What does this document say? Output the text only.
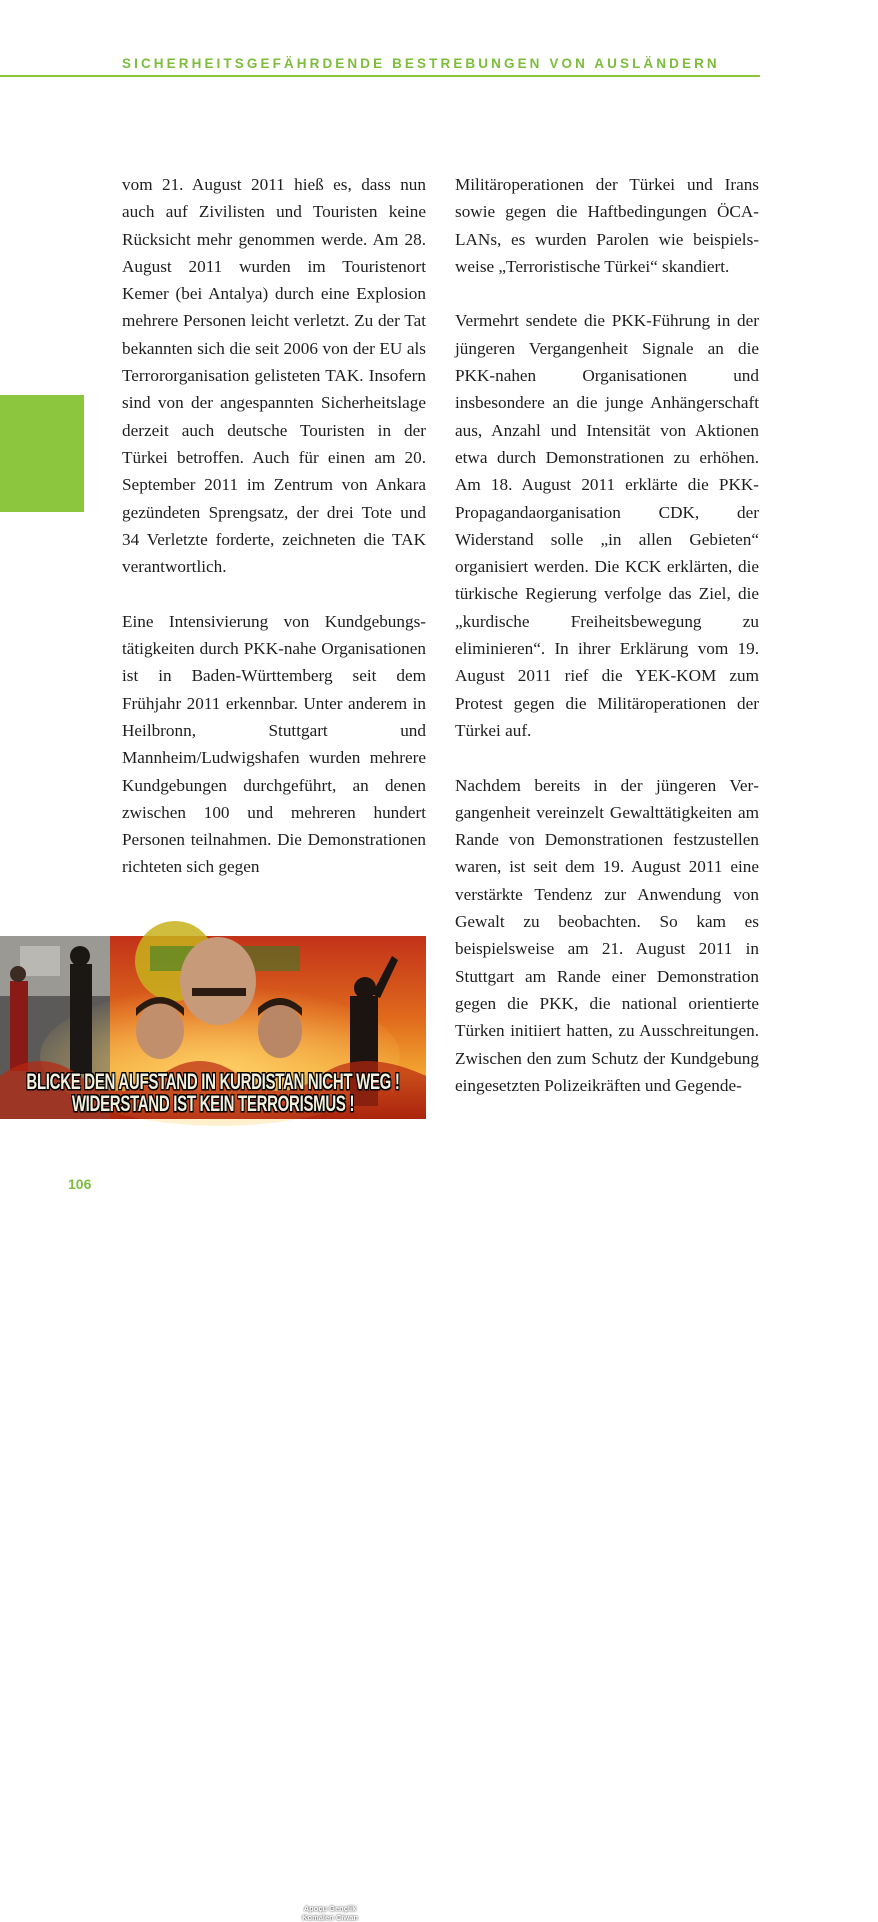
SICHERHEITSGEFÄHRDENDE BESTREBUNGEN VON AUSLÄNDERN

vom 21. August 2011 hieß es, dass nun auch auf Zivilisten und Touristen keine Rücksicht mehr genommen werde. Am 28. August 2011 wurden im Touristenort Kemer (bei Antalya) durch eine Explosion mehrere Personen leicht verletzt. Zu der Tat bekannten sich die seit 2006 von der EU als Terrororganisation gelisteten TAK. Insofern sind von der angespannten Sicherheitslage derzeit auch deutsche Touristen in der Türkei betroffen. Auch für einen am 20. September 2011 im Zentrum von Ankara gezündeten Sprengsatz, der drei Tote und 34 Verletzte forderte, zeichneten die TAK verantwortlich.

Eine Intensivierung von Kundgebungstätigkeiten durch PKK-nahe Organisationen ist in Baden-Württemberg seit dem Frühjahr 2011 erkennbar. Unter anderem in Heilbronn, Stuttgart und Mannheim/Ludwigshafen wurden mehrere Kundgebungen durchgeführt, an denen zwischen 100 und mehreren hundert Personen teilnahmen. Die Demonstrationen richteten sich gegen

Militäroperationen der Türkei und Irans sowie gegen die Haftbedingungen ÖCALANs, es wurden Parolen wie beispielsweise „Terroristische Türkei“ skandiert.

Vermehrt sendete die PKK-Führung in der jüngeren Vergangenheit Signale an die PKK-nahen Organisationen und insbesondere an die junge Anhängerschaft aus, Anzahl und Intensität von Aktionen etwa durch Demonstrationen zu erhöhen. Am 18. August 2011 erklärte die PKK-Propagandaorganisation CDK, der Widerstand solle „in allen Gebieten“ organisiert werden. Die KCK erklärten, die türkische Regierung verfolge das Ziel, die „kurdische Freiheitsbewegung zu eliminieren“. In ihrer Erklärung vom 19. August 2011 rief die YEK-KOM zum Protest gegen die Militäroperationen der Türkei auf.

Nachdem bereits in der jüngeren Vergangenheit vereinzelt Gewalttätigkeiten am Rande von Demonstrationen festzustellen waren, ist seit dem 19. August 2011 eine verstärkte Tendenz zur Anwendung von Gewalt zu beobachten. So kam es beispielsweise am 21. August 2011 in Stuttgart am Rande einer Demonstration gegen die PKK, die national orientierte Türken initiiert hatten, zu Ausschreitungen. Zwischen den zum Schutz der Kundgebung eingesetzten Polizeikräften und Gegende-

Apoçu Gençlik
Komalen Ciwan
BLICKE DEN AUFSTAND IN KURDISTAN NICHT WEG !
WIDERSTAND IST KEIN TERRORISMUS !
106
